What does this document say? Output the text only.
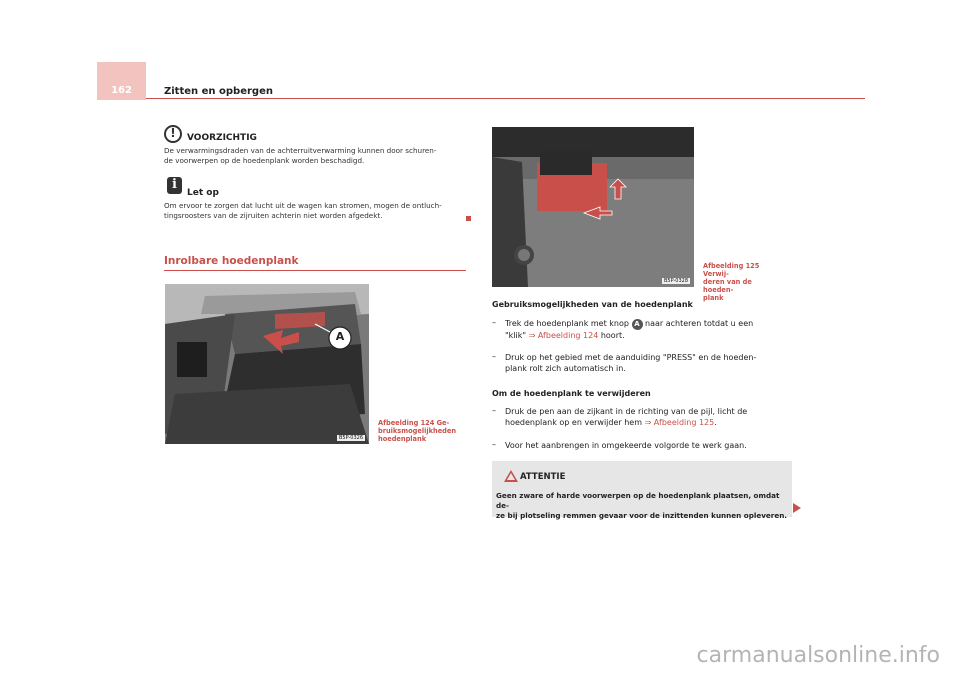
162	Zitten en opbergen
!
VOORZICHTIG
De verwarmingsdraden van de achterruitverwarming kunnen door schuren-
de voorwerpen op de hoedenplank worden beschadigd.
i
Let op
Om ervoor te zorgen dat lucht uit de wagen kan stromen, mogen de ontluch-
tingsroosters van de zijruiten achterin niet worden afgedekt.
Inrolbare hoedenplank
A
B5P-0326
Afbeelding 124 Ge-
bruiksmogelijkheden
hoedenplank
B5P-0328
Afbeelding 125 Verwij-
deren van de hoeden-
plank
Gebruiksmogelijkheden van de hoedenplank
– Trek de hoedenplank met knop A naar achteren totdat u een
"klik" ⇒ Afbeelding 124 hoort.
– Druk op het gebied met de aanduiding "PRESS" en de hoeden-
plank rolt zich automatisch in.
Om de hoedenplank te verwijderen
– Druk de pen aan de zijkant in de richting van de pijl, licht de
hoedenplank op en verwijder hem ⇒ Afbeelding 125.
– Voor het aanbrengen in omgekeerde volgorde te werk gaan.
ATTENTIE
Geen zware of harde voorwerpen op de hoedenplank plaatsen, omdat de-
ze bij plotseling remmen gevaar voor de inzittenden kunnen opleveren.
carmanualsonline.info
